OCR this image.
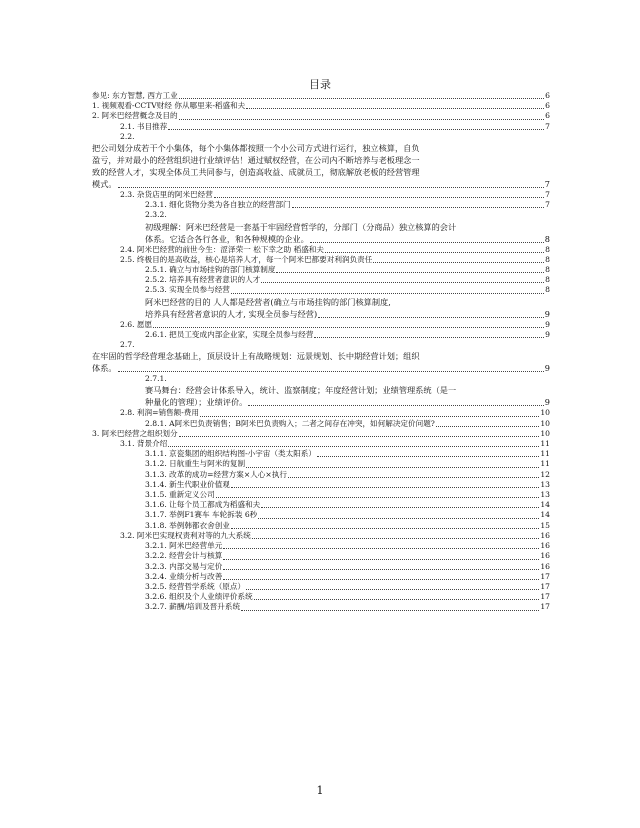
目录
参见: 东方智慧, 西方工业	6
1. 视频观看-CCTV财经 你从哪里来-稻盛和夫	6
2. 阿米巴经营概念及目的	6
2.1. 书目推荐	7
2.2.
把公司划分成若干个小集体，每个小集体都按照一个小公司方式进行运行，独立核算，自负
盈亏，并对最小的经营组织进行业绩评估！通过赋权经营，在公司内不断培养与老板理念一
致的经营人才，实现全体员工共同参与，创造高收益、成就员工，彻底解放老板的经营管理
模式。	7
2.3. 杂货店里的阿米巴经营	7
2.3.1. 细化货物分类为各自独立的经营部门	7
2.3.2.
初级理解：阿米巴经营是一套基于牢固经营哲学的，分部门（分商品）独立核算的会计
体系。它适合各行各业，和各种规模的企业。	8
2.4. 阿米巴经营的前世今生：涩泽荣一 松下幸之助 稻盛和夫	8
2.5. 终极目的是高收益，核心是培养人才，每一个阿米巴都要对利润负责任	8
2.5.1. 确立与市场挂钩的部门核算制度	8
2.5.2. 培养具有经营者意识的人才	8
2.5.3. 实现全员参与经营	8
阿米巴经营的目的 人人都是经营者(确立与市场挂钩的部门核算制度,
培养具有经营者意识的人才, 实现全员参与经营)	9
2.6. 愿愿	9
2.6.1. 把员工变成内部企业家，实现全员参与经营	9
2.7.
在牢固的哲学经营理念基础上，顶层设计上有战略规划：远景规划、长中期经营计划；组织
体系。	9
2.7.1.
赛马舞台：经营会计体系导入，统计、监察制度；年度经营计划；业绩管理系统（是一
种量化的管理）；业绩评价。	9
2.8. 利润=销售额-费用	10
2.8.1. A阿米巴负责销售；B阿米巴负责购入；二者之间存在冲突，如何解决定价问题?	10
3. 阿米巴经营之组织划分	10
3.1. 背景介绍	11
3.1.1. 京瓷集团的组织结构图-小宇宙（类太阳系）	11
3.1.2. 日航重生与阿米的复制	11
3.1.3. 改革的成功=经营方案×人心×执行	12
3.1.4. 新生代职业价值观	13
3.1.5. 重新定义公司	13
3.1.6. 让每个员工都成为稻盛和夫	14
3.1.7. 举例F1赛车 车轮拆装 6秒	14
3.1.8. 举例韩都衣舍创业	15
3.2. 阿米巴实现权责利对等的九大系统	16
3.2.1. 阿米巴经营单元	16
3.2.2. 经营会计与核算	16
3.2.3. 内部交易与定价	16
3.2.4. 业绩分析与改善	17
3.2.5. 经营哲学系统（原点）	17
3.2.6. 组织及个人业绩评价系统	17
3.2.7. 薪酬/培训及晋升系统	17
1
